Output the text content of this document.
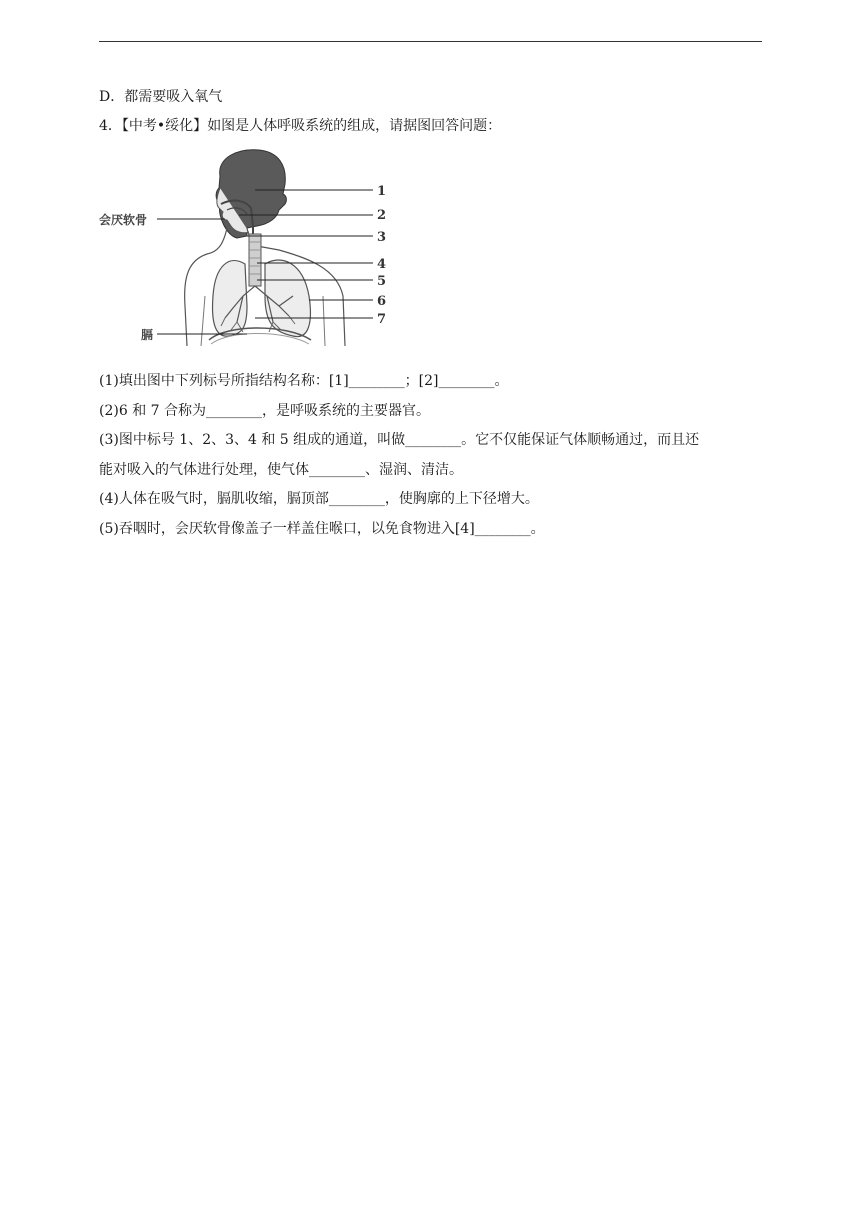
D．都需要吸入氧气
4．【中考•绥化】如图是人体呼吸系统的组成，请据图回答问题：
1
2
3
4
5
6
7
会厌软骨
膈
(1)填出图中下列标号所指结构名称：[1]________；[2]________。
(2)6 和 7 合称为________，是呼吸系统的主要器官。
(3)图中标号 1、2、3、4 和 5 组成的通道，叫做________。它不仅能保证气体顺畅通过，而且还
能对吸入的气体进行处理，使气体________、湿润、清洁。
(4)人体在吸气时，膈肌收缩，膈顶部________，使胸廓的上下径增大。
(5)吞咽时，会厌软骨像盖子一样盖住喉口，以免食物进入[4]________。
